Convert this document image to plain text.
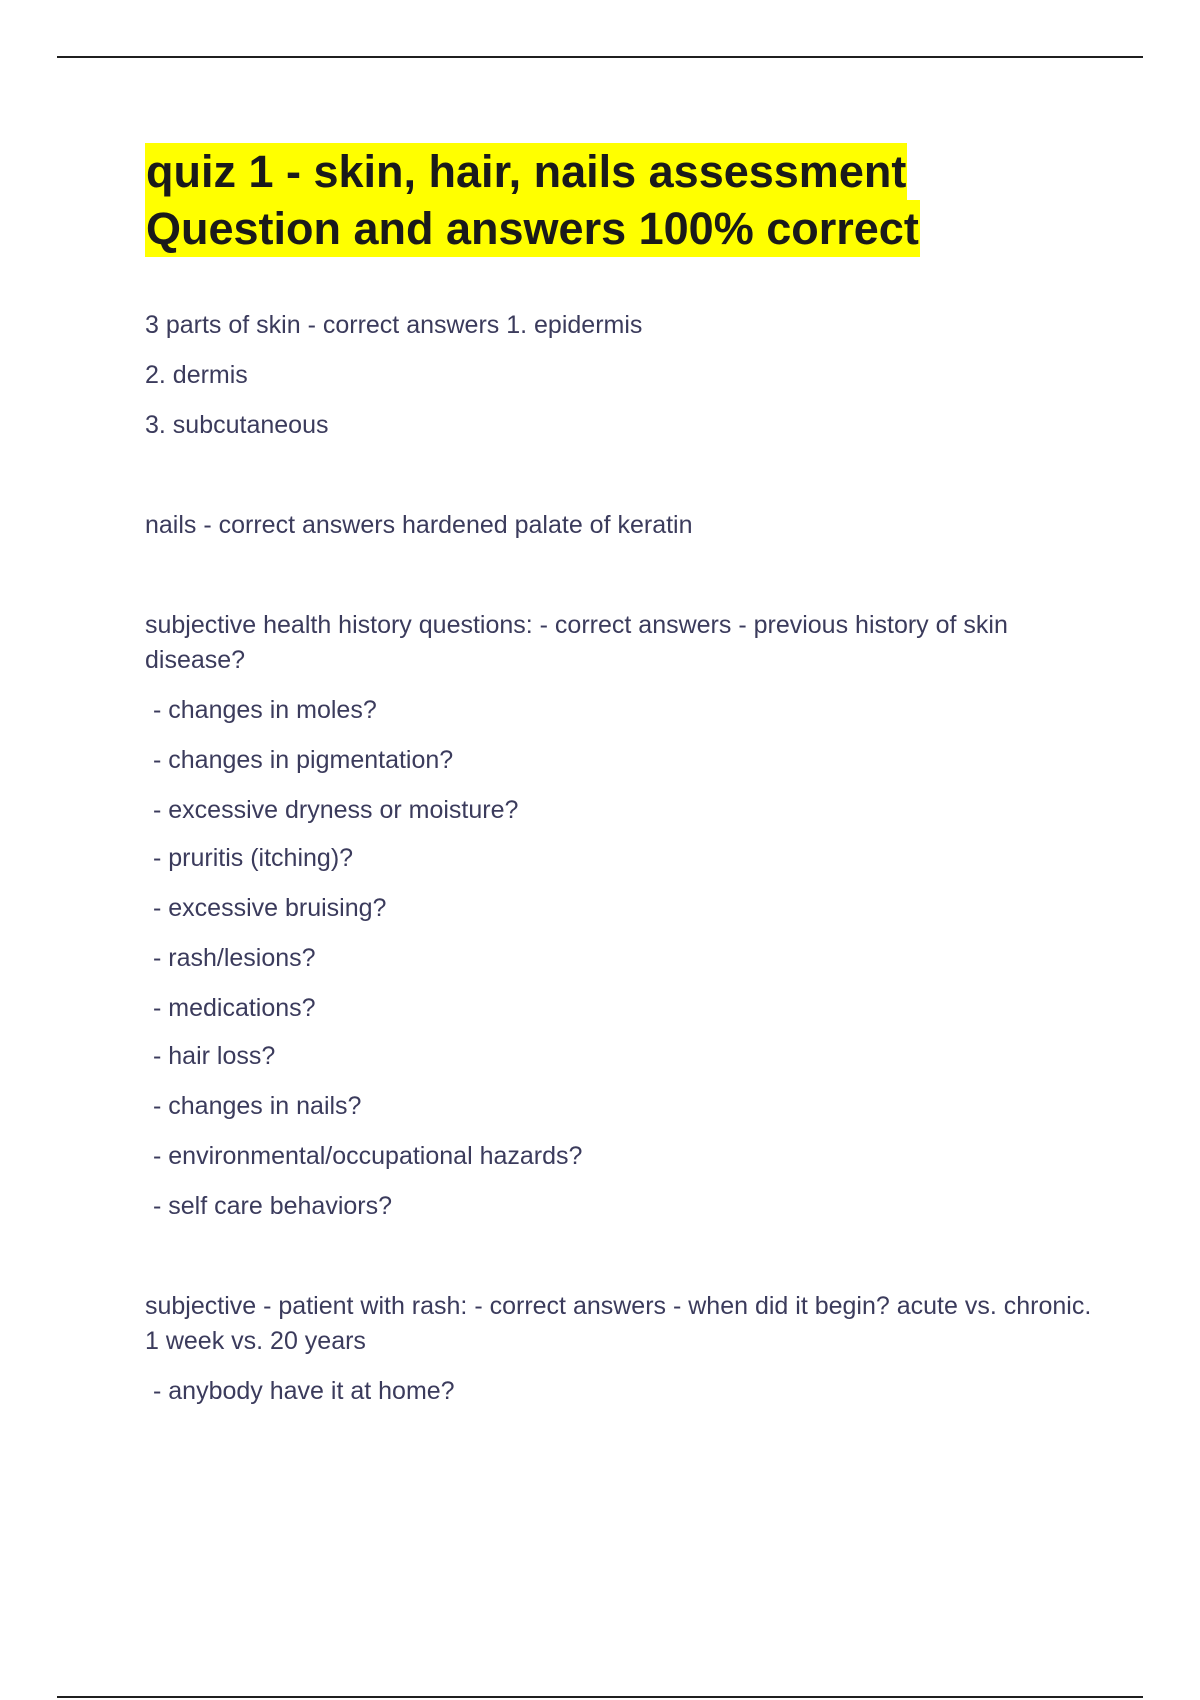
quiz 1 - skin, hair, nails assessment
Question and answers 100% correct

3 parts of skin - correct answers 1. epidermis

2. dermis

3. subcutaneous

nails - correct answers hardened palate of keratin

subjective health history questions: - correct answers - previous history of skin disease?

- changes in moles?

- changes in pigmentation?

- excessive dryness or moisture?

- pruritis (itching)?

- excessive bruising?

- rash/lesions?

- medications?

- hair loss?

- changes in nails?

- environmental/occupational hazards?

- self care behaviors?

subjective - patient with rash: - correct answers - when did it begin? acute vs. chronic. 1 week vs. 20 years

- anybody have it at home?
